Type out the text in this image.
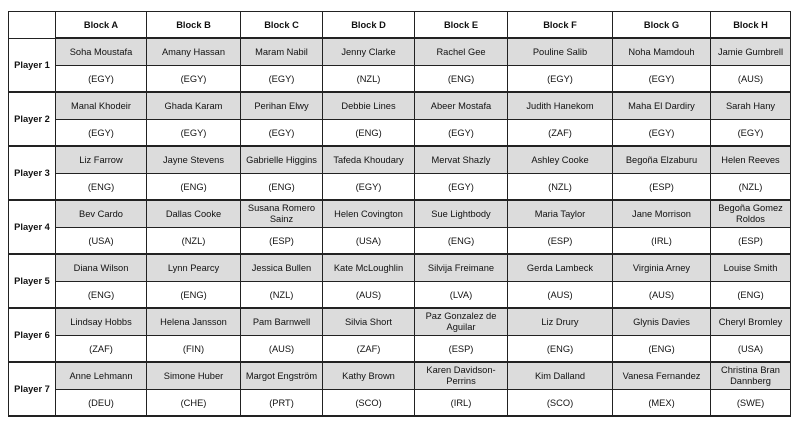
	Block A	Block B	Block C	Block D	Block E	Block F	Block G	Block H
Player 1	Soha Moustafa	Amany Hassan	Maram Nabil	Jenny Clarke	Rachel Gee	Pouline Salib	Noha Mamdouh	Jamie Gumbrell
	(EGY)	(EGY)	(EGY)	(NZL)	(ENG)	(EGY)	(EGY)	(AUS)
Player 2	Manal Khodeir	Ghada Karam	Perihan Elwy	Debbie Lines	Abeer Mostafa	Judith Hanekom	Maha El Dardiry	Sarah Hany
	(EGY)	(EGY)	(EGY)	(ENG)	(EGY)	(ZAF)	(EGY)	(EGY)
Player 3	Liz Farrow	Jayne Stevens	Gabrielle Higgins	Tafeda Khoudary	Mervat Shazly	Ashley Cooke	Begoña Elzaburu	Helen Reeves
	(ENG)	(ENG)	(ENG)	(EGY)	(EGY)	(NZL)	(ESP)	(NZL)
Player 4	Bev Cardo	Dallas Cooke	Susana Romero Sainz	Helen Covington	Sue Lightbody	Maria Taylor	Jane Morrison	Begoña Gomez Roldos
	(USA)	(NZL)	(ESP)	(USA)	(ENG)	(ESP)	(IRL)	(ESP)
Player 5	Diana Wilson	Lynn Pearcy	Jessica Bullen	Kate McLoughlin	Silvija Freimane	Gerda Lambeck	Virginia Arney	Louise Smith
	(ENG)	(ENG)	(NZL)	(AUS)	(LVA)	(AUS)	(AUS)	(ENG)
Player 6	Lindsay Hobbs	Helena Jansson	Pam Barnwell	Silvia Short	Paz Gonzalez de Aguilar	Liz Drury	Glynis Davies	Cheryl Bromley
	(ZAF)	(FIN)	(AUS)	(ZAF)	(ESP)	(ENG)	(ENG)	(USA)
Player 7	Anne Lehmann	Simone Huber	Margot Engström	Kathy Brown	Karen Davidson-Perrins	Kim Dalland	Vanesa Fernandez	Christina Bran Dannberg
	(DEU)	(CHE)	(PRT)	(SCO)	(IRL)	(SCO)	(MEX)	(SWE)
